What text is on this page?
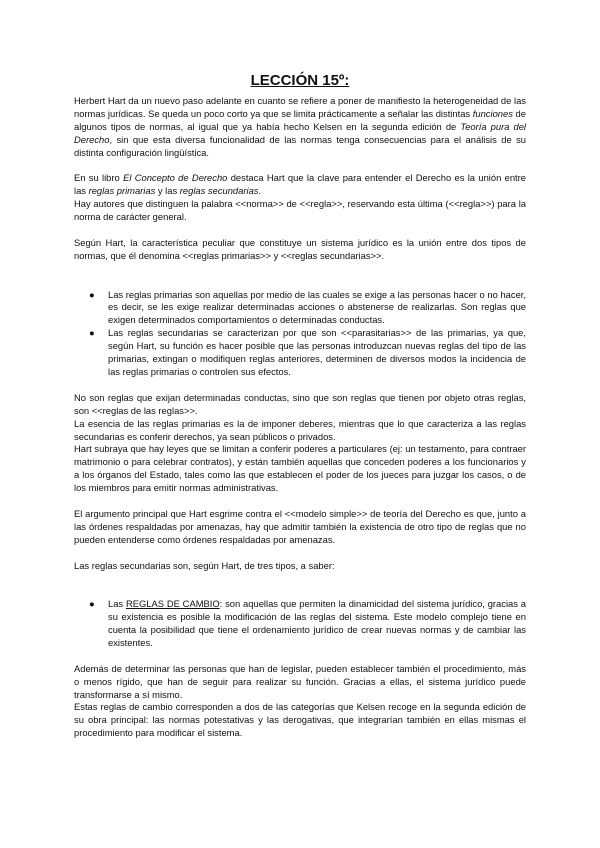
LECCIÓN 15º:

Herbert Hart da un nuevo paso adelante en cuanto se refiere a poner de manifiesto la heterogeneidad de las normas jurídicas. Se queda un poco corto ya que se limita prácticamente a señalar las distintas funciones de algunos tipos de normas, al igual que ya había hecho Kelsen en la segunda edición de Teoría pura del Derecho, sin que esta diversa funcionalidad de las normas tenga consecuencias para el análisis de su distinta configuración lingüística.

En su libro El Concepto de Derecho destaca Hart que la clave para entender el Derecho es la unión entre las reglas primarias y las reglas secundarias.

Hay autores que distinguen la palabra <<norma>> de <<regla>>, reservando esta última (<<regla>>) para la norma de carácter general.

Según Hart, la característica peculiar que constituye un sistema jurídico es la unión entre dos tipos de normas, que él denomina <<reglas primarias>> y <<reglas secundarias>>.

● Las reglas primarias son aquellas por medio de las cuales se exige a las personas hacer o no hacer, es decir, se les exige realizar determinadas acciones o abstenerse de realizarlas. Son reglas que exigen determinados comportamientos o determinadas conductas.
● Las reglas secundarias se caracterizan por que son <<parasitarias>> de las primarias, ya que, según Hart, su función es hacer posible que las personas introduzcan nuevas reglas del tipo de las primarias, extingan o modifiquen reglas anteriores, determinen de diversos modos la incidencia de las reglas primarias o controlen sus efectos.

No son reglas que exijan determinadas conductas, sino que son reglas que tienen por objeto otras reglas, son <<reglas de las reglas>>.

La esencia de las reglas primarias es la de imponer deberes, mientras que lo que caracteriza a las reglas secundarias es conferir derechos, ya sean públicos o privados.

Hart subraya que hay leyes que se limitan a conferir poderes a particulares (ej: un testamento, para contraer matrimonio o para celebrar contratos), y están también aquellas que conceden poderes a los funcionarios y a los órganos del Estado, tales como las que establecen el poder de los jueces para juzgar los casos, o de los miembros para emitir normas administrativas.

El argumento principal que Hart esgrime contra el <<modelo simple>> de teoría del Derecho es que, junto a las órdenes respaldadas por amenazas, hay que admitir también la existencia de otro tipo de reglas que no pueden entenderse como órdenes respaldadas por amenazas.

Las reglas secundarias son, según Hart, de tres tipos, a saber:

● Las REGLAS DE CAMBIO: son aquellas que permiten la dinamicidad del sistema jurídico, gracias a su existencia es posible la modificación de las reglas del sistema. Este modelo complejo tiene en cuenta la posibilidad que tiene el ordenamiento jurídico de crear nuevas normas y de cambiar las existentes.

Además de determinar las personas que han de legislar, pueden establecer también el procedimiento, más o menos rígido, que han de seguir para realizar su función. Gracias a ellas, el sistema jurídico puede transformarse a sí mismo.

Estas reglas de cambio corresponden a dos de las categorías que Kelsen recoge en la segunda edición de su obra principal: las normas potestativas y las derogativas, que integrarían también en ellas mismas el procedimiento para modificar el sistema.
